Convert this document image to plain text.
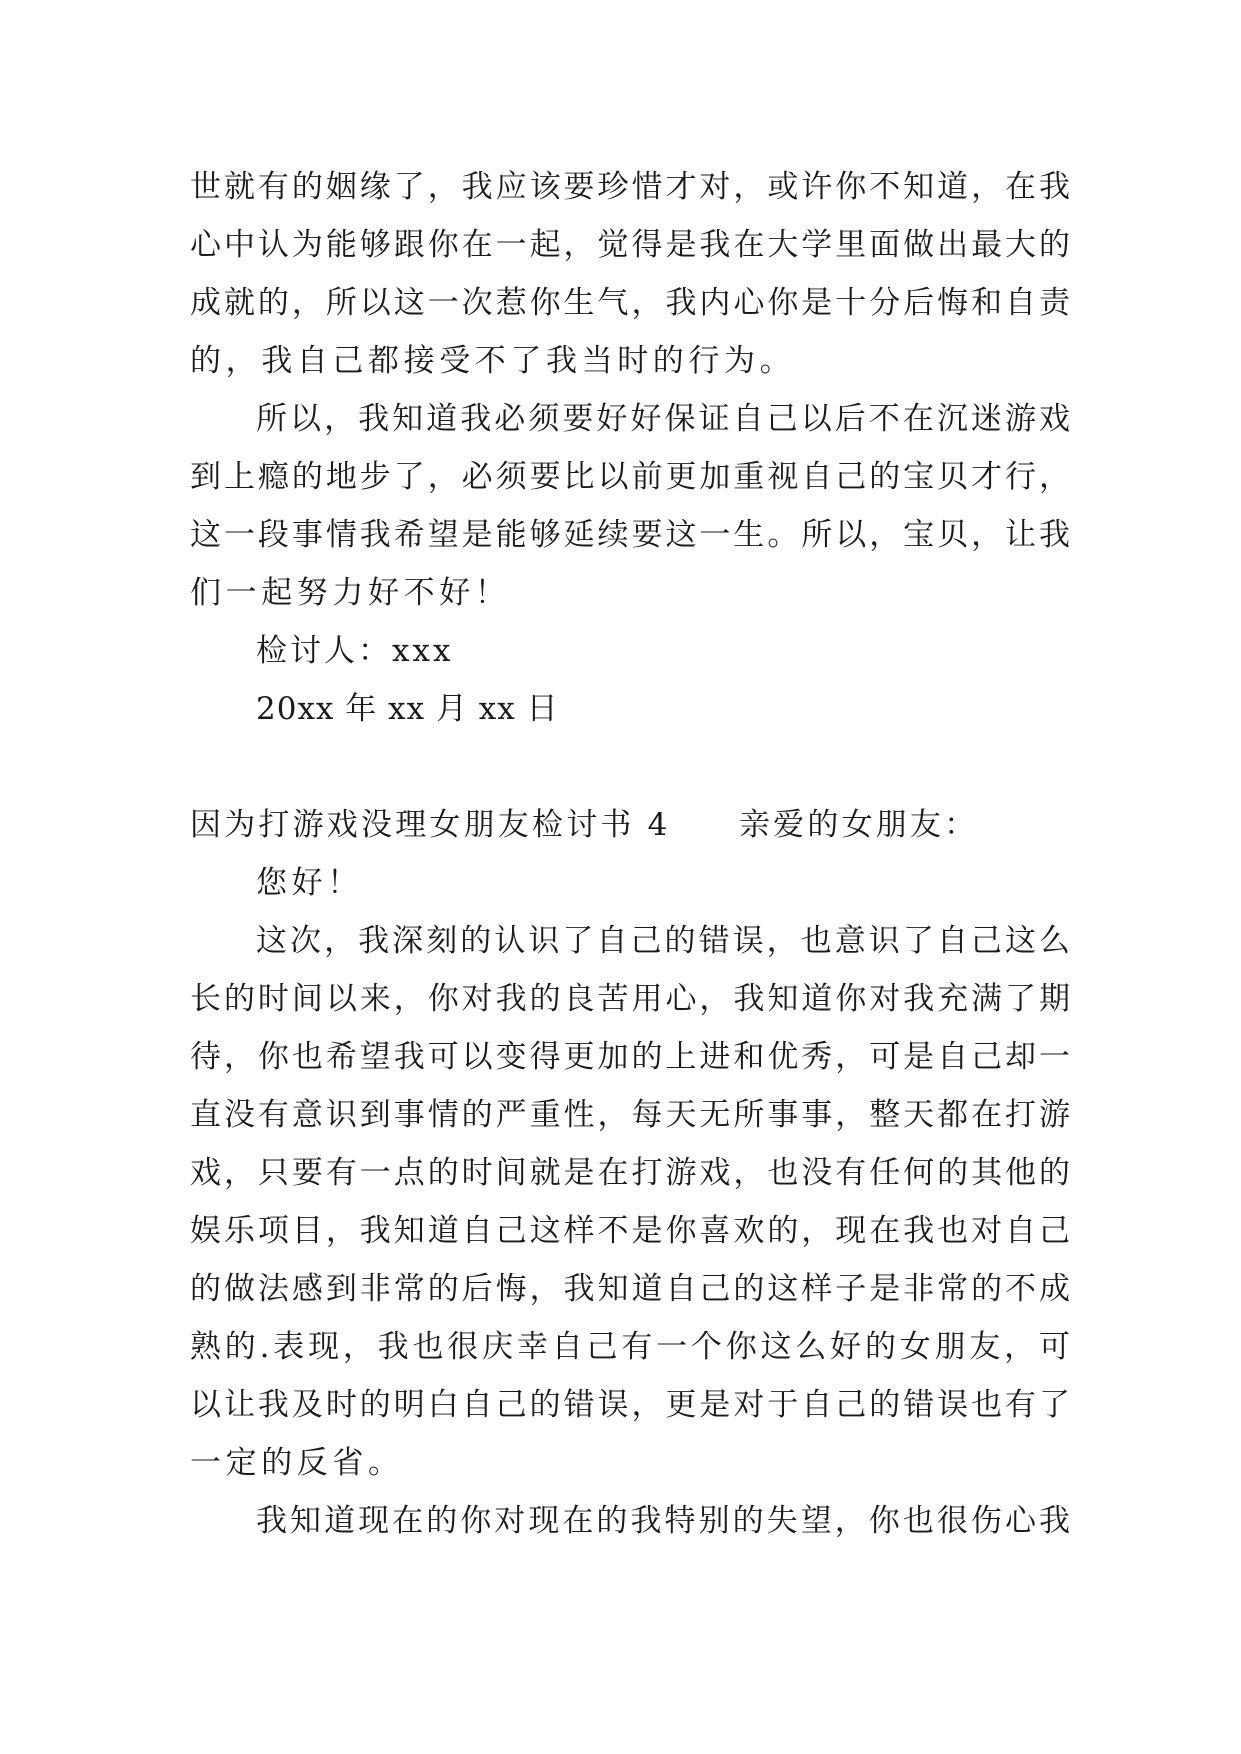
世就有的姻缘了，我应该要珍惜才对，或许你不知道，在我
心中认为能够跟你在一起，觉得是我在大学里面做出最大的
成就的，所以这一次惹你生气，我内心你是十分后悔和自责
的，我自己都接受不了我当时的行为。
所以，我知道我必须要好好保证自己以后不在沉迷游戏
到上瘾的地步了，必须要比以前更加重视自己的宝贝才行，
这一段事情我希望是能够延续要这一生。所以，宝贝，让我
们一起努力好不好！
检讨人：xxx
20xx 年 xx 月 xx 日
因为打游戏没理女朋友检讨书 4　　亲爱的女朋友：
您好！
这次，我深刻的认识了自己的错误，也意识了自己这么
长的时间以来，你对我的良苦用心，我知道你对我充满了期
待，你也希望我可以变得更加的上进和优秀，可是自己却一
直没有意识到事情的严重性，每天无所事事，整天都在打游
戏，只要有一点的时间就是在打游戏，也没有任何的其他的
娱乐项目，我知道自己这样不是你喜欢的，现在我也对自己
的做法感到非常的后悔，我知道自己的这样子是非常的不成
熟的.表现，我也很庆幸自己有一个你这么好的女朋友，可
以让我及时的明白自己的错误，更是对于自己的错误也有了
一定的反省。
我知道现在的你对现在的我特别的失望，你也很伤心我
